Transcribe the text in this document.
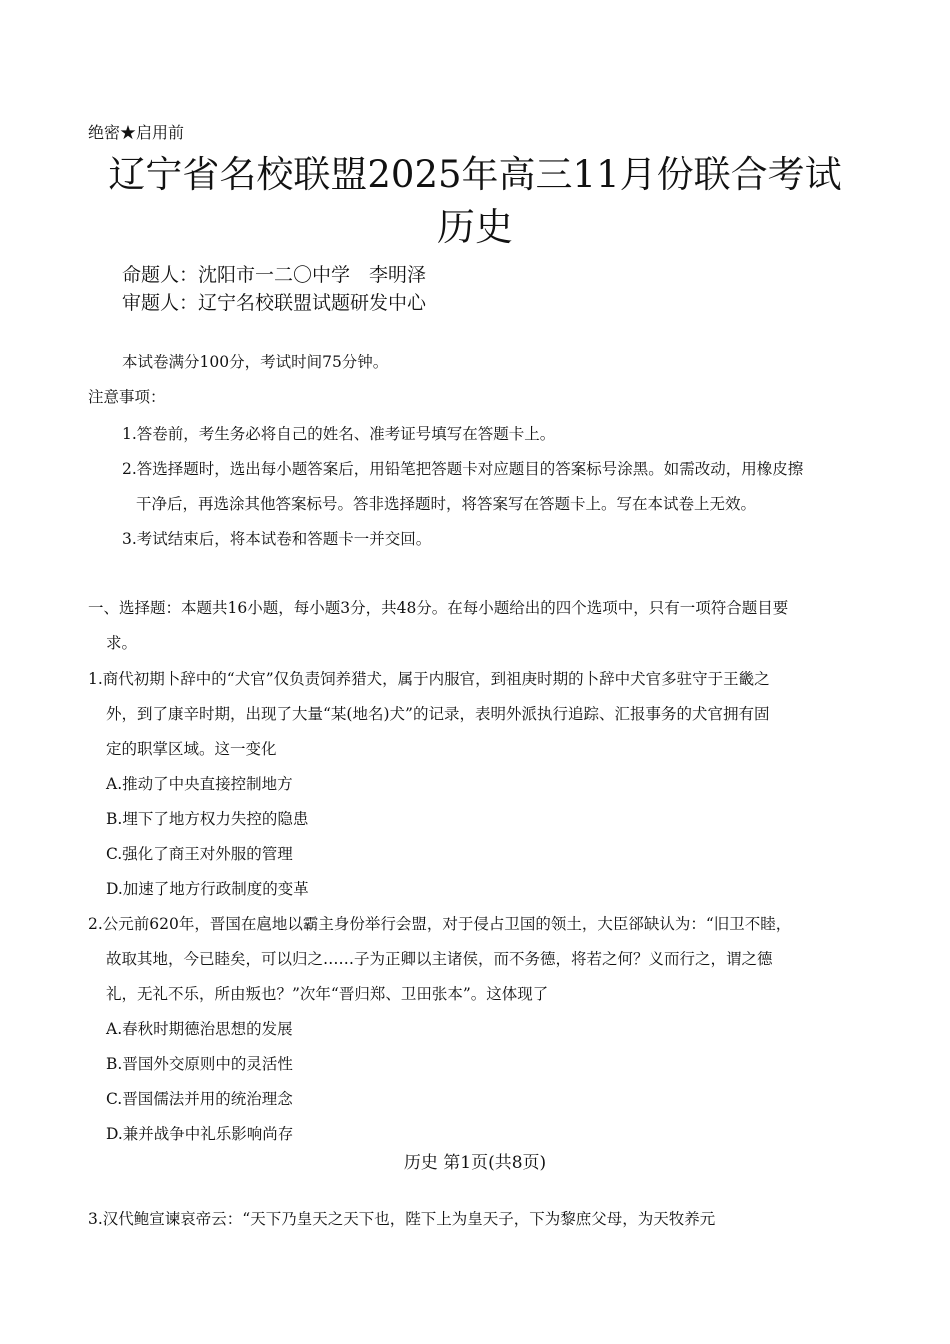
绝密★启用前
辽宁省名校联盟2025年高三11月份联合考试
历史
命题人：沈阳市一二〇中学　李明泽
审题人：辽宁名校联盟试题研发中心
本试卷满分100分，考试时间75分钟。
注意事项：
1.答卷前，考生务必将自己的姓名、准考证号填写在答题卡上。
2.答选择题时，选出每小题答案后，用铅笔把答题卡对应题目的答案标号涂黑。如需改动，用橡皮擦
干净后，再选涂其他答案标号。答非选择题时，将答案写在答题卡上。写在本试卷上无效。
3.考试结束后，将本试卷和答题卡一并交回。
一、选择题：本题共16小题，每小题3分，共48分。在每小题给出的四个选项中，只有一项符合题目要
求。
1.商代初期卜辞中的“犬官”仅负责饲养猎犬，属于内服官，到祖庚时期的卜辞中犬官多驻守于王畿之
外，到了康辛时期，出现了大量“某(地名)犬”的记录，表明外派执行追踪、汇报事务的犬官拥有固
定的职掌区域。这一变化
A.推动了中央直接控制地方
B.埋下了地方权力失控的隐患
C.强化了商王对外服的管理
D.加速了地方行政制度的变革
2.公元前620年，晋国在扈地以霸主身份举行会盟，对于侵占卫国的领土，大臣郤缺认为：“旧卫不睦，
故取其地，今已睦矣，可以归之……子为正卿以主诸侯，而不务德，将若之何？义而行之，谓之德
礼，无礼不乐，所由叛也？”次年“晋归郑、卫田张本”。这体现了
A.春秋时期德治思想的发展
B.晋国外交原则中的灵活性
C.晋国儒法并用的统治理念
D.兼并战争中礼乐影响尚存
历史 第1页(共8页)
3.汉代鲍宣谏哀帝云：“天下乃皇天之天下也，陛下上为皇天子，下为黎庶父母，为天牧养元
